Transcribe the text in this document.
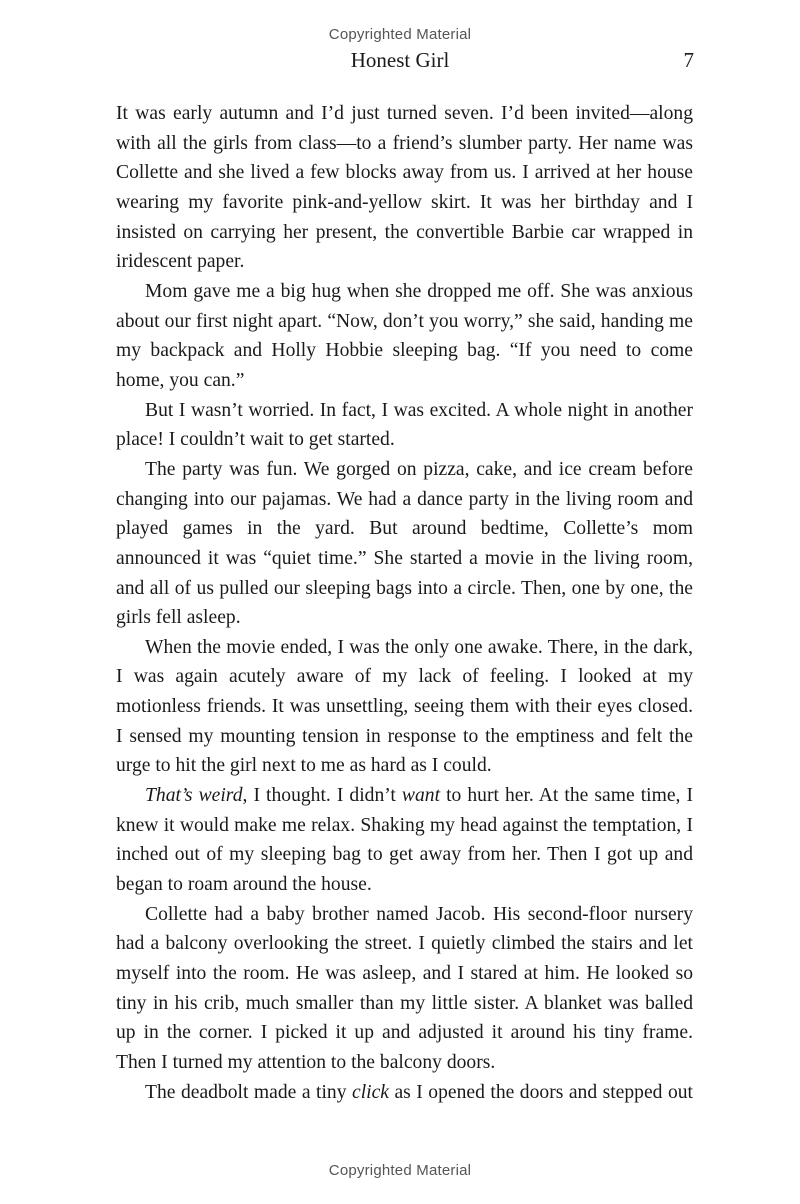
Copyrighted Material
Honest Girl	7

It was early autumn and I’d just turned seven. I’d been invited—along with all the girls from class—to a friend’s slumber party. Her name was Collette and she lived a few blocks away from us. I arrived at her house wearing my favorite pink-and-yellow skirt. It was her birthday and I insisted on carrying her present, the convertible Barbie car wrapped in iridescent paper.

Mom gave me a big hug when she dropped me off. She was anxious about our first night apart. “Now, don’t you worry,” she said, handing me my backpack and Holly Hobbie sleeping bag. “If you need to come home, you can.”

But I wasn’t worried. In fact, I was excited. A whole night in another place! I couldn’t wait to get started.

The party was fun. We gorged on pizza, cake, and ice cream before changing into our pajamas. We had a dance party in the living room and played games in the yard. But around bedtime, Collette’s mom announced it was “quiet time.” She started a movie in the living room, and all of us pulled our sleeping bags into a circle. Then, one by one, the girls fell asleep.

When the movie ended, I was the only one awake. There, in the dark, I was again acutely aware of my lack of feeling. I looked at my motionless friends. It was unsettling, seeing them with their eyes closed. I sensed my mounting tension in response to the emptiness and felt the urge to hit the girl next to me as hard as I could.

That’s weird, I thought. I didn’t want to hurt her. At the same time, I knew it would make me relax. Shaking my head against the temptation, I inched out of my sleeping bag to get away from her. Then I got up and began to roam around the house.

Collette had a baby brother named Jacob. His second-floor nursery had a balcony overlooking the street. I quietly climbed the stairs and let myself into the room. He was asleep, and I stared at him. He looked so tiny in his crib, much smaller than my little sister. A blanket was balled up in the corner. I picked it up and adjusted it around his tiny frame. Then I turned my attention to the balcony doors.

The deadbolt made a tiny click as I opened the doors and stepped out

Copyrighted Material
